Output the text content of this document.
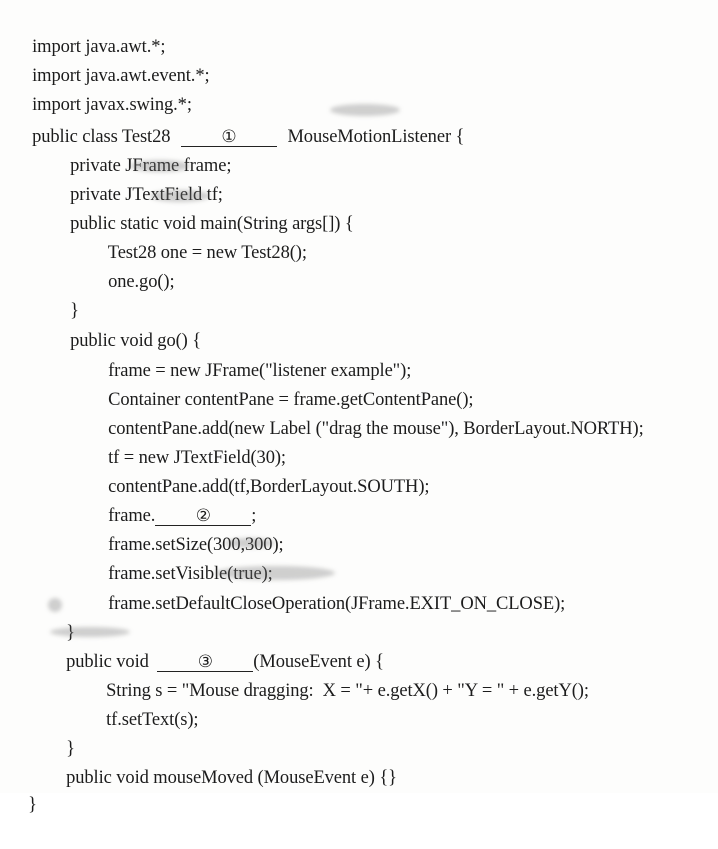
import java.awt.*;

import java.awt.event.*;

import javax.swing.*;

public class Test28	①	MouseMotionListener {

private JFrame frame;

private JTextField tf;

public static void main(String args[]) {

Test28 one = new Test28();

one.go();

}

public void go() {

frame = new JFrame("listener example");

Container contentPane = frame.getContentPane();

contentPane.add(new Label ("drag the mouse"), BorderLayout.NORTH);

tf = new JTextField(30);

contentPane.add(tf,BorderLayout.SOUTH);

frame. ② ;

frame.setSize(300,300);

frame.setVisible(true);

frame.setDefaultCloseOperation(JFrame.EXIT_ON_CLOSE);

}

public void	③ (MouseEvent e) {

String s = "Mouse dragging:  X = "+ e.getX() + "Y = " + e.getY();

tf.setText(s);

}

public void mouseMoved (MouseEvent e) {}

}
